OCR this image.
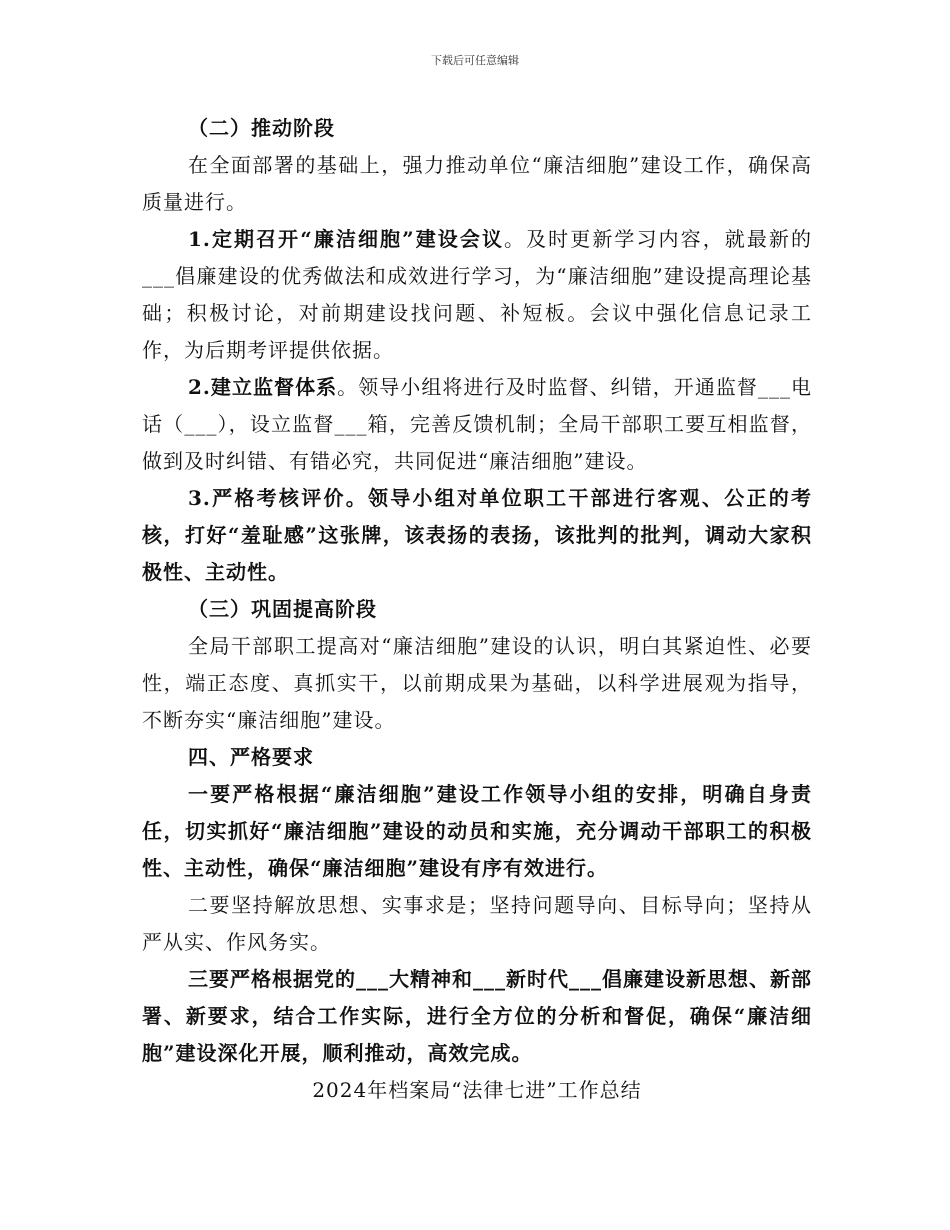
下载后可任意编辑

（二）推动阶段

在全面部署的基础上，强力推动单位“廉洁细胞”建设工作，确保高质量进行。

1.定期召开“廉洁细胞”建设会议。及时更新学习内容，就最新的___倡廉建设的优秀做法和成效进行学习，为“廉洁细胞”建设提高理论基础；积极讨论，对前期建设找问题、补短板。会议中强化信息记录工作，为后期考评提供依据。

2.建立监督体系。领导小组将进行及时监督、纠错，开通监督___电话（___），设立监督___箱，完善反馈机制；全局干部职工要互相监督，做到及时纠错、有错必究，共同促进“廉洁细胞”建设。

3.严格考核评价。领导小组对单位职工干部进行客观、公正的考核，打好“羞耻感”这张牌，该表扬的表扬，该批判的批判，调动大家积极性、主动性。

（三）巩固提高阶段

全局干部职工提高对“廉洁细胞”建设的认识，明白其紧迫性、必要性，端正态度、真抓实干，以前期成果为基础，以科学进展观为指导，不断夯实“廉洁细胞”建设。

四、严格要求

一要严格根据“廉洁细胞”建设工作领导小组的安排，明确自身责任，切实抓好“廉洁细胞”建设的动员和实施，充分调动干部职工的积极性、主动性，确保“廉洁细胞”建设有序有效进行。

二要坚持解放思想、实事求是；坚持问题导向、目标导向；坚持从严从实、作风务实。

三要严格根据党的___大精神和___新时代___倡廉建设新思想、新部署、新要求，结合工作实际，进行全方位的分析和督促，确保“廉洁细胞”建设深化开展，顺利推动，高效完成。

2024年档案局“法律七进”工作总结
